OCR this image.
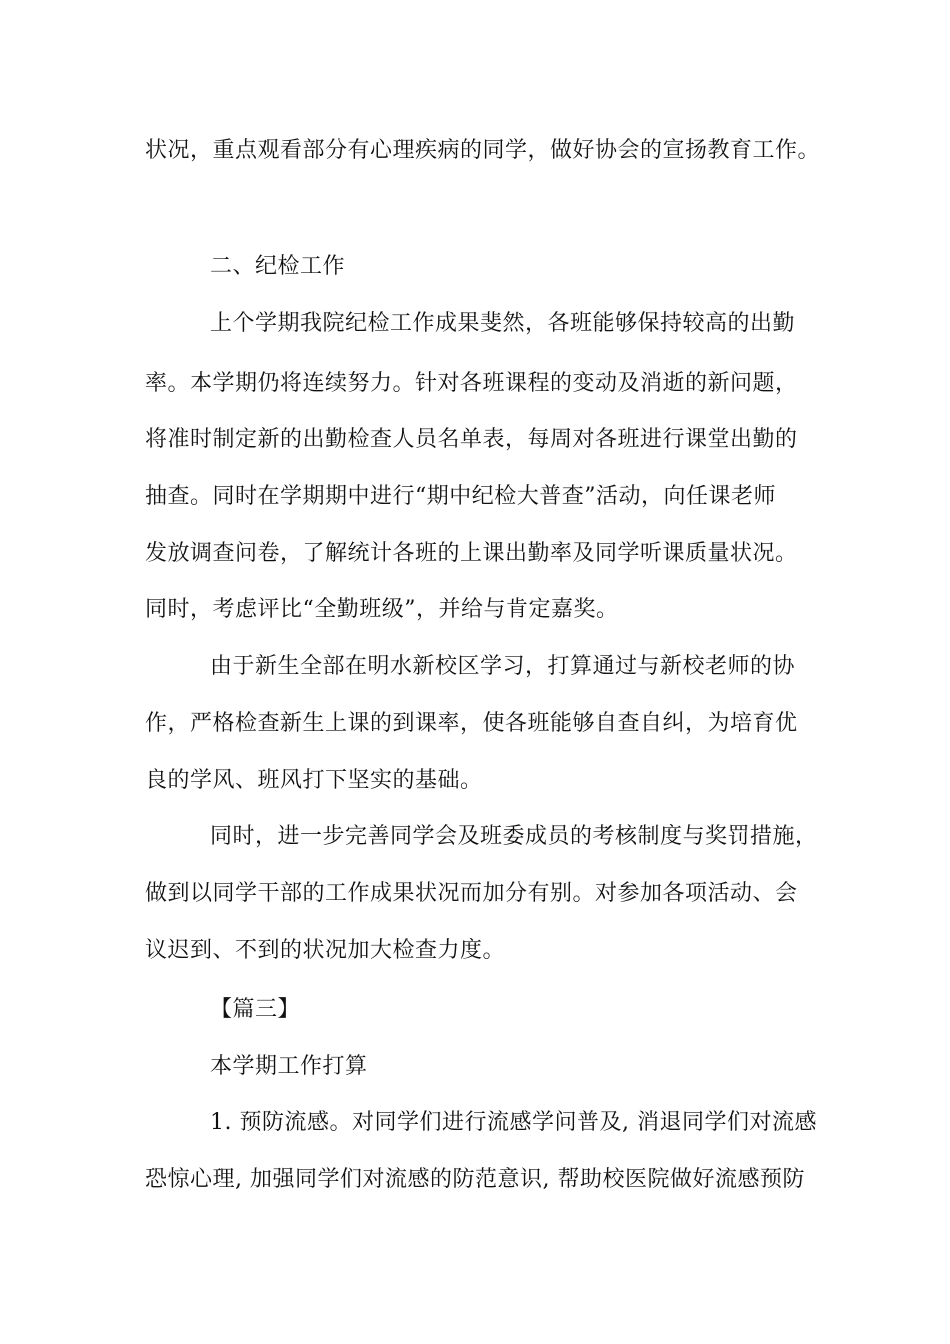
状况，重点观看部分有心理疾病的同学，做好协会的宣扬教育工作。
二、纪检工作
上个学期我院纪检工作成果斐然，各班能够保持较高的出勤
率。本学期仍将连续努力。针对各班课程的变动及消逝的新问题，
将准时制定新的出勤检查人员名单表，每周对各班进行课堂出勤的
抽查。同时在学期期中进行“期中纪检大普查”活动，向任课老师
发放调查问卷，了解统计各班的上课出勤率及同学听课质量状况。
同时，考虑评比“全勤班级”，并给与肯定嘉奖。
由于新生全部在明水新校区学习，打算通过与新校老师的协
作，严格检查新生上课的到课率，使各班能够自查自纠，为培育优
良的学风、班风打下坚实的基础。
同时，进一步完善同学会及班委成员的考核制度与奖罚措施，
做到以同学干部的工作成果状况而加分有别。对参加各项活动、会
议迟到、不到的状况加大检查力度。
【篇三】
本学期工作打算
1. 预防流感。对同学们进行流感学问普及, 消退同学们对流感
恐惊心理, 加强同学们对流感的防范意识, 帮助校医院做好流感预防
